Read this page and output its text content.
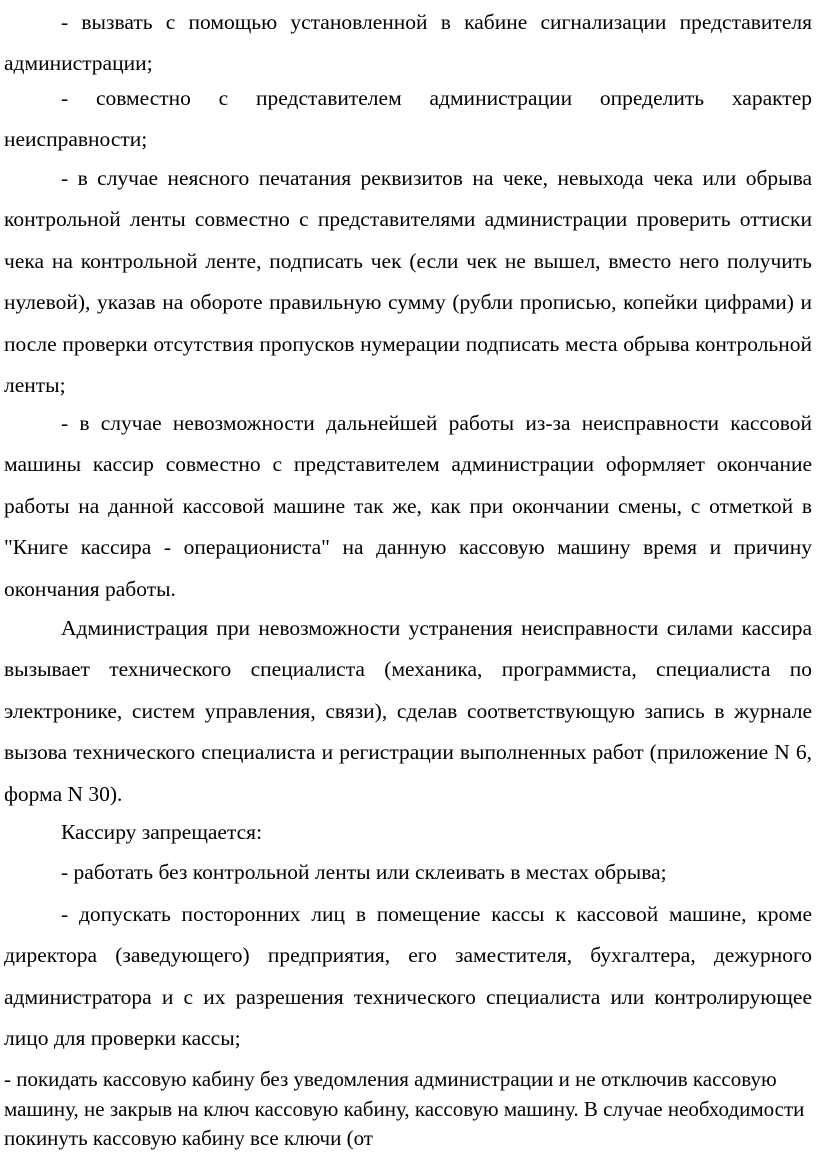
- вызвать с помощью установленной в кабине сигнализации представителя администрации;

- совместно с представителем администрации определить характер неисправности;

- в случае неясного печатания реквизитов на чеке, невыхода чека или обрыва контрольной ленты совместно с представителями администрации проверить оттиски чека на контрольной ленте, подписать чек (если чек не вышел, вместо него получить нулевой), указав на обороте правильную сумму (рубли прописью, копейки цифрами) и после проверки отсутствия пропусков нумерации подписать места обрыва контрольной ленты;

- в случае невозможности дальнейшей работы из-за неисправности кассовой машины кассир совместно с представителем администрации оформляет окончание работы на данной кассовой машине так же, как при окончании смены, с отметкой в "Книге кассира - операциониста" на данную кассовую машину время и причину окончания работы.

Администрация при невозможности устранения неисправности силами кассира вызывает технического специалиста (механика, программиста, специалиста по электронике, систем управления, связи), сделав соответствующую запись в журнале вызова технического специалиста и регистрации выполненных работ (приложение N 6, форма N 30).

Кассиру запрещается:

- работать без контрольной ленты или склеивать в местах обрыва;

- допускать посторонних лиц в помещение кассы к кассовой машине, кроме директора (заведующего) предприятия, его заместителя, бухгалтера, дежурного администратора и с их разрешения технического специалиста или контролирующее лицо для проверки кассы;

- покидать кассовую кабину без уведомления администрации и не отключив кассовую машину, не закрыв на ключ кассовую кабину, кассовую машину. В случае необходимости покинуть кассовую кабину все ключи (от
